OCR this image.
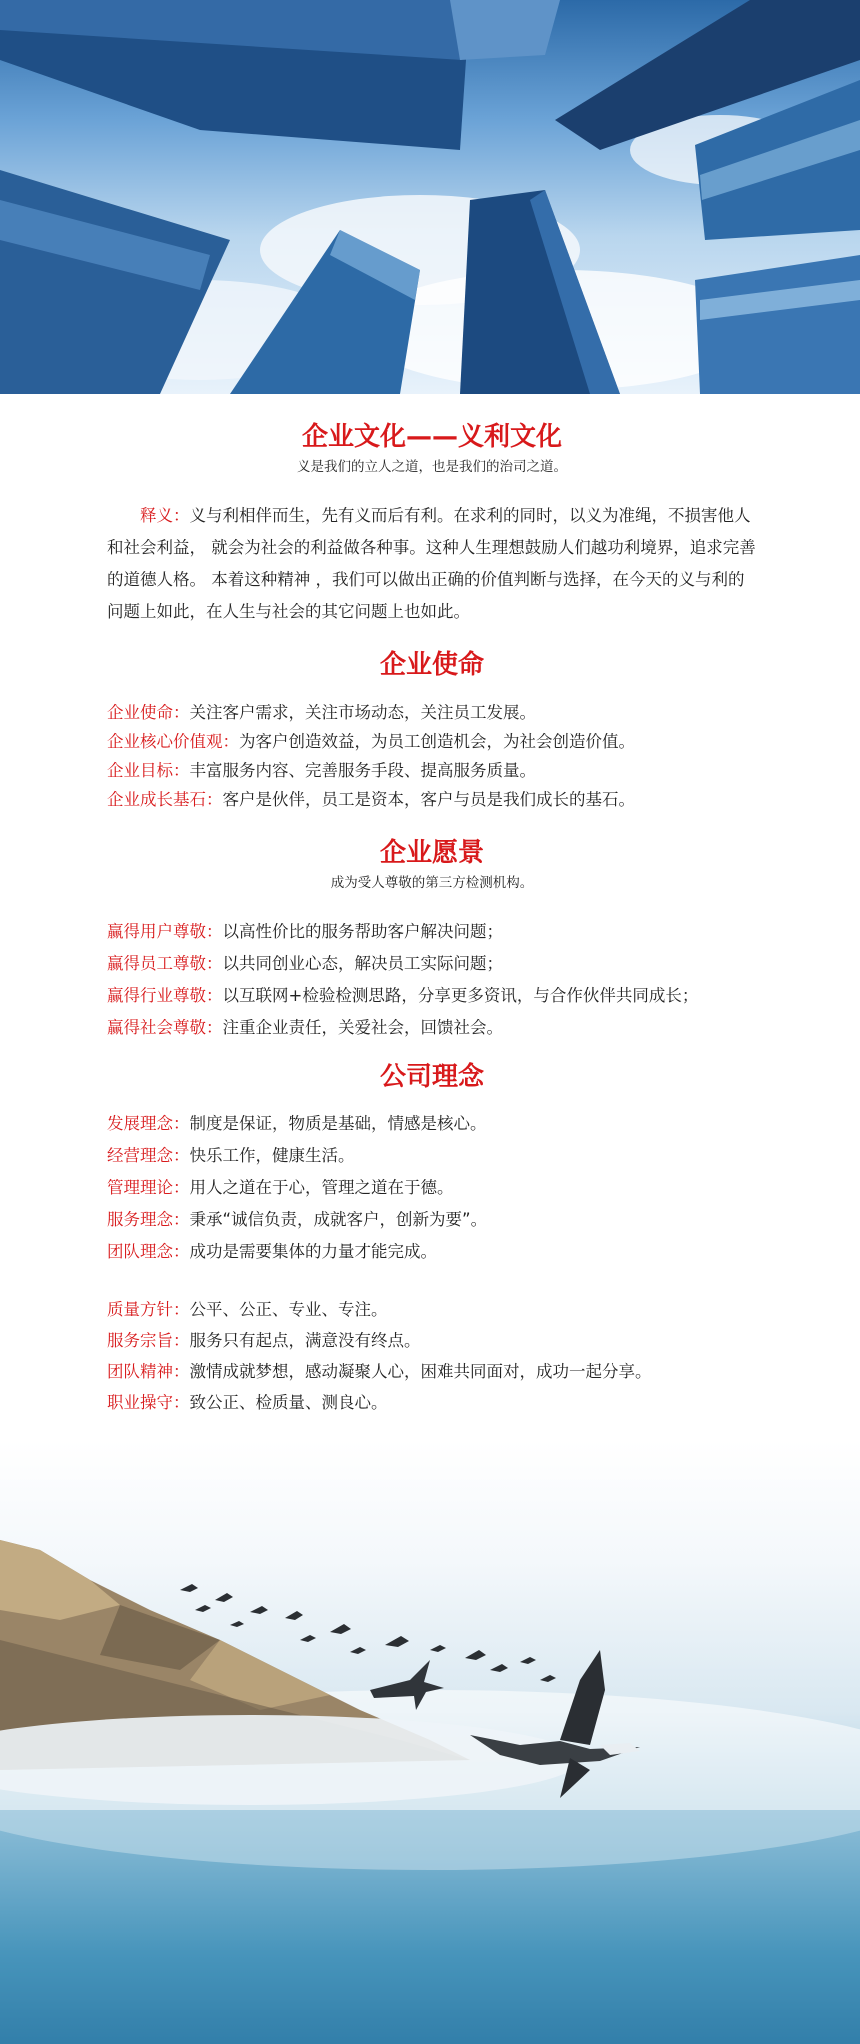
企业文化——义利文化

义是我们的立人之道，也是我们的治司之道。

释义：义与利相伴而生，先有义而后有利。在求利的同时，以义为准绳，不损害他人和社会利益， 就会为社会的利益做各种事。这种人生理想鼓励人们越功利境界，追求完善的道德人格。 本着这种精神 ，我们可以做出正确的价值判断与选择，在今天的义与利的问题上如此，在人生与社会的其它问题上也如此。

企业使命
企业使命：关注客户需求，关注市场动态，关注员工发展。
企业核心价值观：为客户创造效益，为员工创造机会，为社会创造价值。
企业目标：丰富服务内容、完善服务手段、提高服务质量。
企业成长基石：客户是伙伴，员工是资本，客户与员是我们成长的基石。
企业愿景

成为受人尊敬的第三方检测机构。

赢得用户尊敬：以高性价比的服务帮助客户解决问题；
赢得员工尊敬：以共同创业心态，解决员工实际问题；
赢得行业尊敬：以互联网+检验检测思路，分享更多资讯，与合作伙伴共同成长；
赢得社会尊敬：注重企业责任，关爱社会，回馈社会。
公司理念
发展理念：制度是保证，物质是基础，情感是核心。
经营理念：快乐工作，健康生活。
管理理论：用人之道在于心，管理之道在于德。
服务理念：秉承“诚信负责，成就客户，创新为要”。
团队理念：成功是需要集体的力量才能完成。
质量方针：公平、公正、专业、专注。
服务宗旨：服务只有起点，满意没有终点。
团队精神：激情成就梦想，感动凝聚人心，困难共同面对，成功一起分享。
职业操守：致公正、检质量、测良心。
